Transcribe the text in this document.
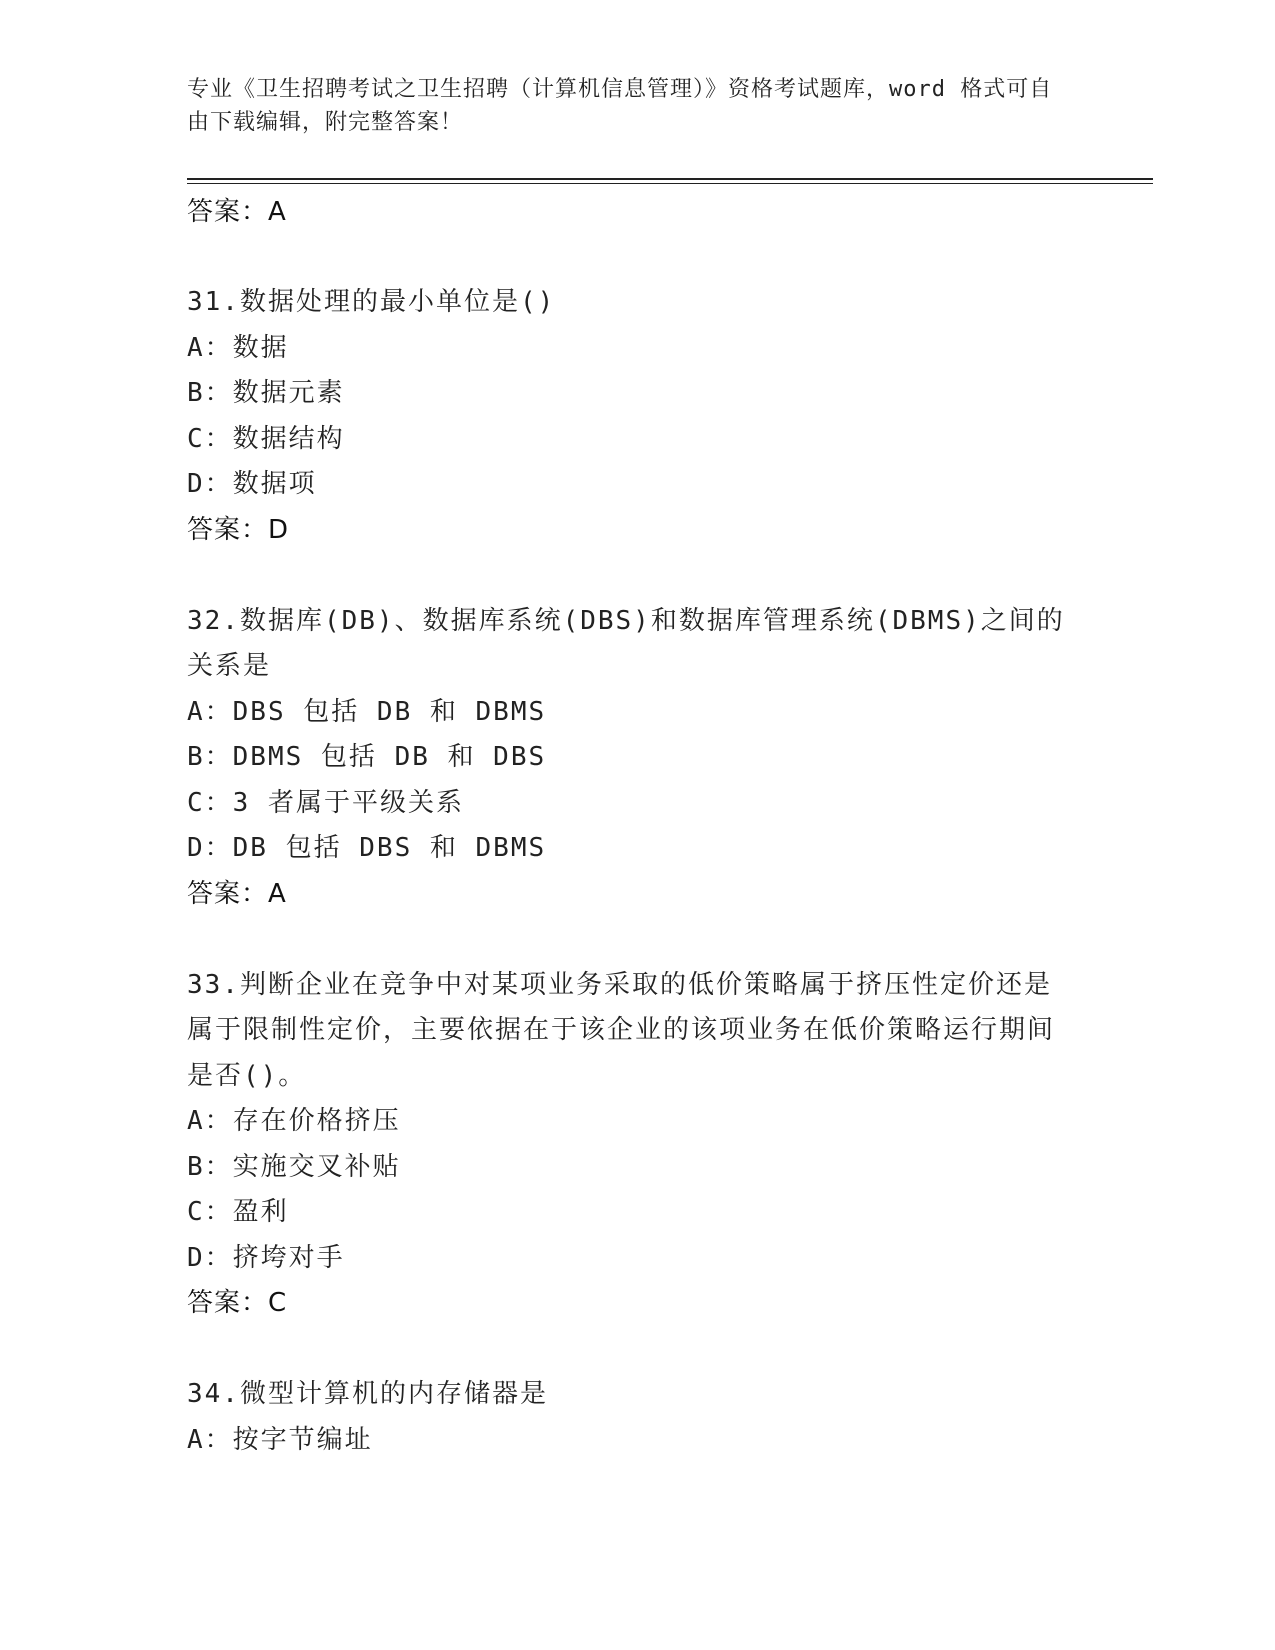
专业《卫生招聘考试之卫生招聘（计算机信息管理）》资格考试题库，word 格式可自由下载编辑，附完整答案！
答案：A
31.数据处理的最小单位是()
A：数据
B：数据元素
C：数据结构
D：数据项
答案：D
32.数据库(DB)、数据库系统(DBS)和数据库管理系统(DBMS)之间的关系是
A：DBS 包括 DB 和 DBMS
B：DBMS 包括 DB 和 DBS
C：3 者属于平级关系
D：DB 包括 DBS 和 DBMS
答案：A
33.判断企业在竞争中对某项业务采取的低价策略属于挤压性定价还是属于限制性定价，主要依据在于该企业的该项业务在低价策略运行期间是否()。
A：存在价格挤压
B：实施交叉补贴
C：盈利
D：挤垮对手
答案：C
34.微型计算机的内存储器是
A：按字节编址
